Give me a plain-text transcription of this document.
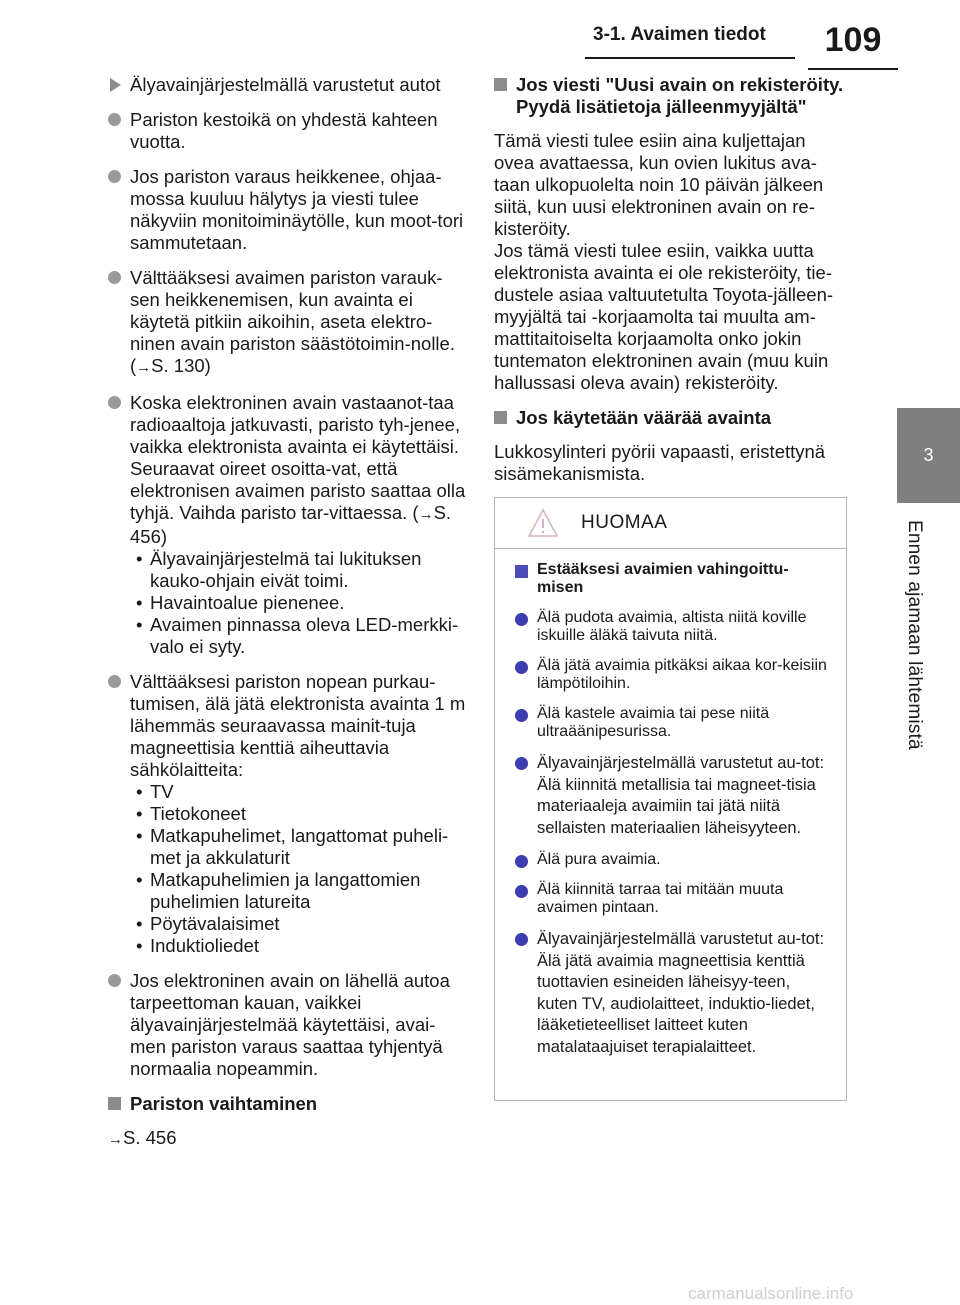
3-1. Avaimen tiedot	109
3
Ennen ajamaan lähtemistä
Älyavainjärjestelmällä varustetut autot
Pariston kestoikä on yhdestä kahteen vuotta.
Jos pariston varaus heikkenee, ohjaa-mossa kuuluu hälytys ja viesti tulee näkyviin monitoiminäytölle, kun moot-tori sammutetaan.
Välttääksesi avaimen pariston varauk-sen heikkenemisen, kun avainta ei käytetä pitkiin aikoihin, aseta elektro-ninen avain pariston säästötoimin-nolle. (→S. 130)
Koska elektroninen avain vastaanot-taa radioaaltoja jatkuvasti, paristo tyh-jenee, vaikka elektronista avainta ei käytettäisi. Seuraavat oireet osoitta-vat, että elektronisen avaimen paristo saattaa olla tyhjä. Vaihda paristo tar-vittaessa. (→S. 456)
• Älyavainjärjestelmä tai lukituksen kauko-ohjain eivät toimi.
• Havaintoalue pienenee.
• Avaimen pinnassa oleva LED-merkki-valo ei syty.
Välttääksesi pariston nopean purkau-tumisen, älä jätä elektronista avainta 1 m lähemmäs seuraavassa mainit-tuja magneettisia kenttiä aiheuttavia sähkölaitteita:
• TV
• Tietokoneet
• Matkapuhelimet, langattomat puheli-met ja akkulaturit
• Matkapuhelimien ja langattomien puhelimien latureita
• Pöytävalaisimet
• Induktioliedet
Jos elektroninen avain on lähellä autoa tarpeettoman kauan, vaikkei älyavainjärjestelmää käytettäisi, avai-men pariston varaus saattaa tyhjentyä normaalia nopeammin.
Pariston vaihtaminen
→S. 456
Jos viesti "Uusi avain on rekisteröity. Pyydä lisätietoja jälleenmyyjältä"
Tämä viesti tulee esiin aina kuljettajan ovea avattaessa, kun ovien lukitus ava-taan ulkopuolelta noin 10 päivän jälkeen siitä, kun uusi elektroninen avain on re-kisteröity.
Jos tämä viesti tulee esiin, vaikka uutta elektronista avainta ei ole rekisteröity, tie-dustele asiaa valtuutetulta Toyota-jälleen-myyjältä tai -korjaamolta tai muulta am-mattitaitoiselta korjaamolta onko jokin tuntematon elektroninen avain (muu kuin hallussasi oleva avain) rekisteröity.
Jos käytetään väärää avainta
Lukkosylinteri pyörii vapaasti, eristettynä sisämekanismista.
HUOMAA
Estääksesi avaimien vahingoittu-misen
Älä pudota avaimia, altista niitä koville iskuille äläkä taivuta niitä.
Älä jätä avaimia pitkäksi aikaa kor-keisiin lämpötiloihin.
Älä kastele avaimia tai pese niitä ultraäänipesurissa.
Älyavainjärjestelmällä varustetut au-tot: Älä kiinnitä metallisia tai magneet-tisia materiaaleja avaimiin tai jätä niitä sellaisten materiaalien läheisyyteen.
Älä pura avaimia.
Älä kiinnitä tarraa tai mitään muuta avaimen pintaan.
Älyavainjärjestelmällä varustetut au-tot: Älä jätä avaimia magneettisia kenttiä tuottavien esineiden läheisyy-teen, kuten TV, audiolaitteet, induktio-liedet, lääketieteelliset laitteet kuten matalataajuiset terapialaitteet.
carmanualsonline.info
